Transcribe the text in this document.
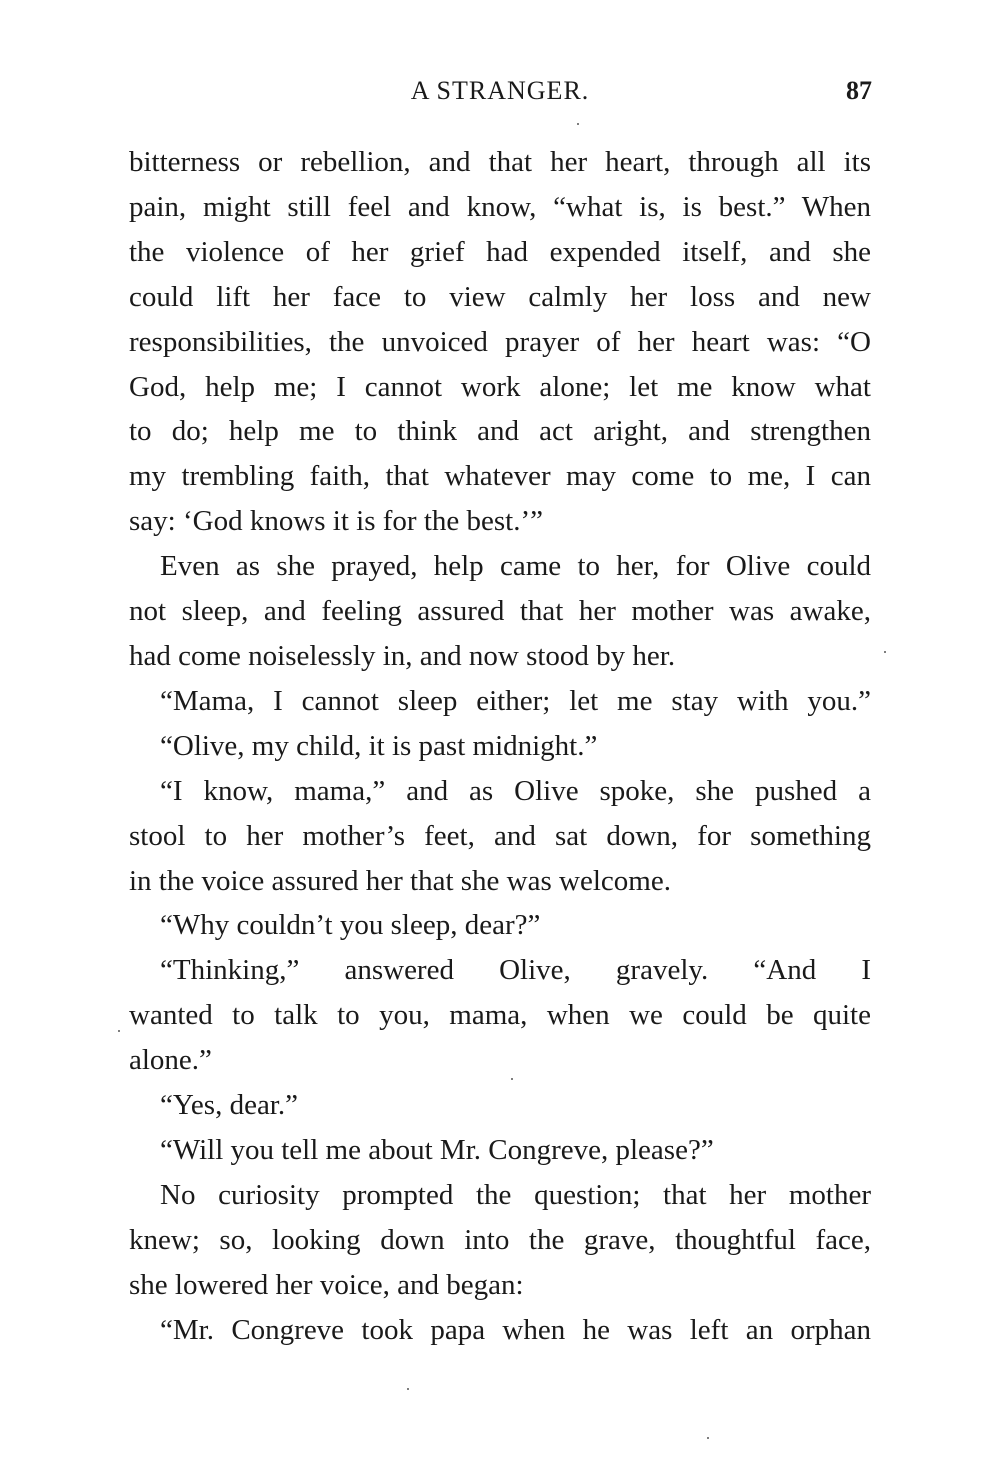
A STRANGER.	87
bitterness or rebellion, and that her heart, through all its
pain, might still feel and know, “what is, is best.” When
the violence of her grief had expended itself, and she
could lift her face to view calmly her loss and new
responsibilities, the unvoiced prayer of her heart was: “O
God, help me; I cannot work alone; let me know what
to do; help me to think and act aright, and strengthen
my trembling faith, that whatever may come to me, I can
say: ‘God knows it is for the best.’”
Even as she prayed, help came to her, for Olive could
not sleep, and feeling assured that her mother was awake,
had come noiselessly in, and now stood by her.
“Mama, I cannot sleep either; let me stay with you.”
“Olive, my child, it is past midnight.”
“I know, mama,” and as Olive spoke, she pushed a
stool to her mother’s feet, and sat down, for something
in the voice assured her that she was welcome.
“Why couldn’t you sleep, dear?”
“Thinking,” answered Olive, gravely. “And I
wanted to talk to you, mama, when we could be quite
alone.”
“Yes, dear.”
“Will you tell me about Mr. Congreve, please?”
No curiosity prompted the question; that her mother
knew; so, looking down into the grave, thoughtful face,
she lowered her voice, and began:
“Mr. Congreve took papa when he was left an orphan
